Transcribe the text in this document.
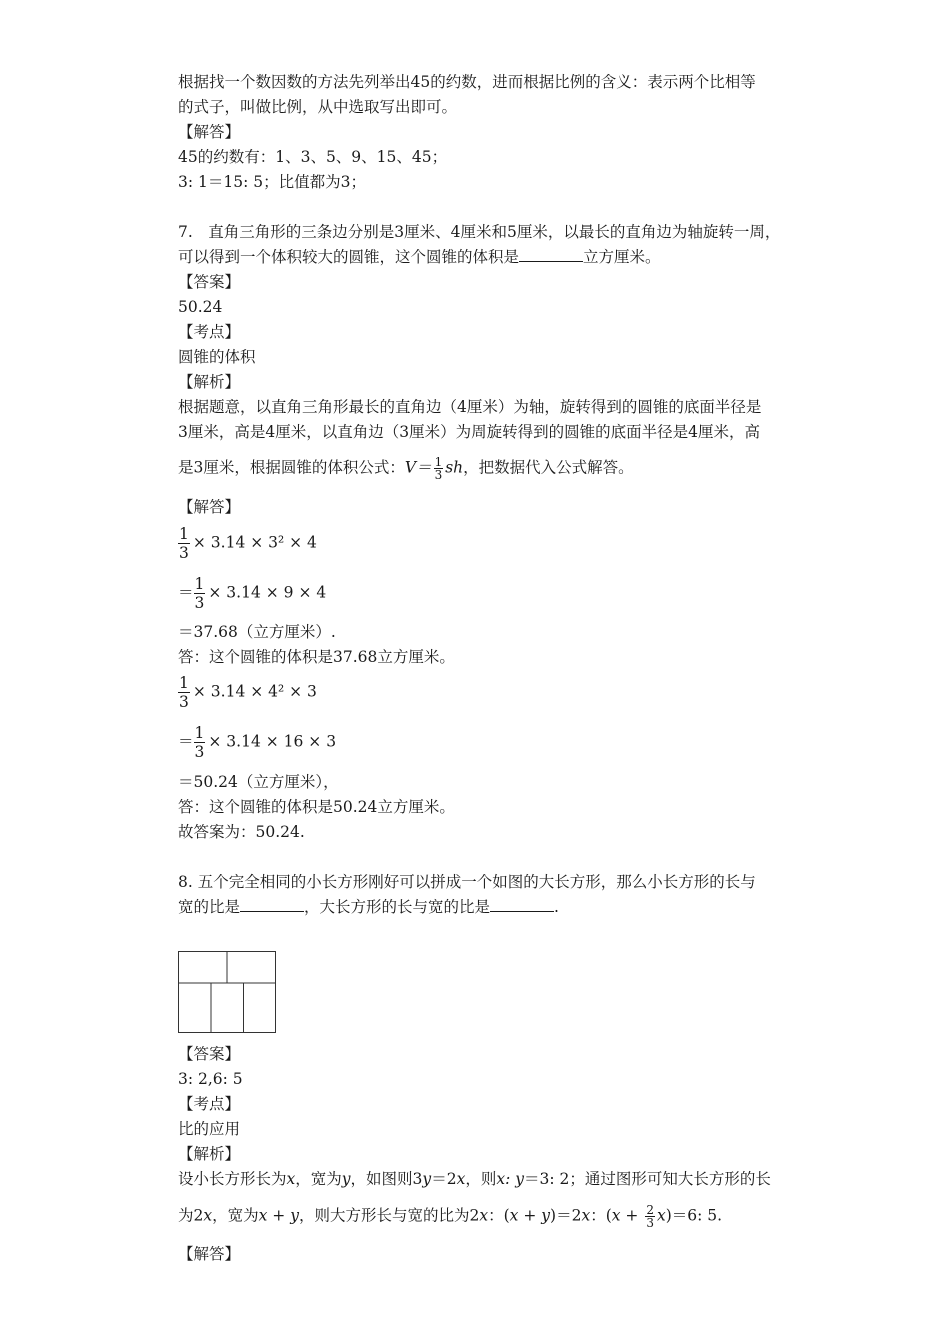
根据找一个数因数的方法先列举出45的约数，进而根据比例的含义：表示两个比相等
的式子，叫做比例，从中选取写出即可。
【解答】
45的约数有：1、3、5、9、15、45；
3: 1＝15: 5；比值都为3；
7.　直角三角形的三条边分别是3厘米、4厘米和5厘米，以最长的直角边为轴旋转一周，
可以得到一个体积较大的圆锥，这个圆锥的体积是	立方厘米。
【答案】
50.24
【考点】
圆锥的体积
【解析】
根据题意，以直角三角形最长的直角边（4厘米）为轴，旋转得到的圆锥的底面半径是
3厘米，高是4厘米，以直角边（3厘米）为周旋转得到的圆锥的底面半径是4厘米，高
是3厘米，根据圆锥的体积公式：$V= \frac{1}{3}$ sh，把数据代入公式解答。
【解答】
$\frac{1}{3} \times 3.14 \times 3^2 \times 4$
＝ $\frac{1}{3} \times 3.14 \times 9 \times 4$
＝37.68（立方厘米）.
答：这个圆锥的体积是37.68立方厘米。
$\frac{1}{3} \times 3.14 \times 4^2 \times 3$
＝ $\frac{1}{3} \times 3.14 \times 16 \times 3$
＝50.24（立方厘米），
答：这个圆锥的体积是50.24立方厘米。
故答案为：50.24.
8. 五个完全相同的小长方形刚好可以拼成一个如图的大长方形，那么小长方形的长与
宽的比是	，大长方形的长与宽的比是	.
【答案】
3: 2,6: 5
【考点】
比的应用
【解析】
设小长方形长为x，宽为y，如图则3y＝2x，则x: y＝3: 2；通过图形可知大长方形的长
为2x，宽为x + y，则大方形长与宽的比为2x：(x + y)＝2x：$(x + \frac{2}{3} x)=6$: 5.
【解答】
